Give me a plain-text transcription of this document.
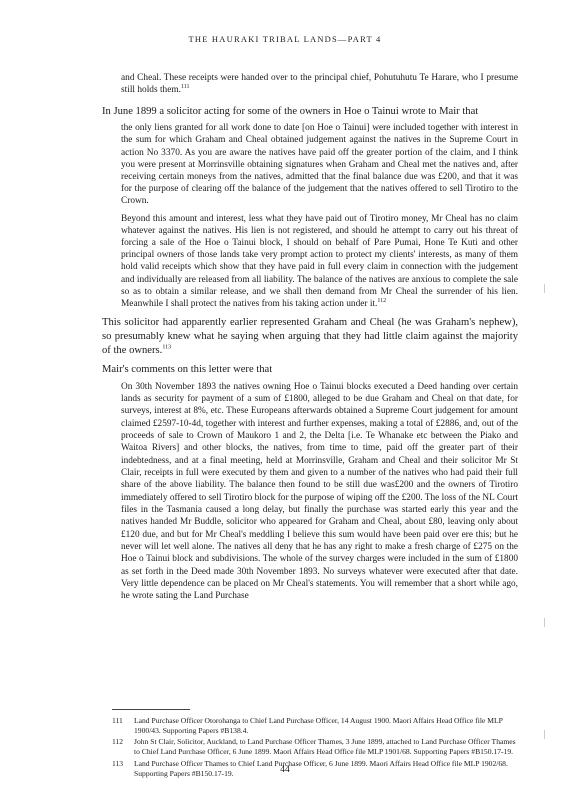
THE HAURAKI TRIBAL LANDS—PART 4

and Cheal. These receipts were handed over to the principal chief, Pohutuhutu Te Harare, who I presume still holds them.$^{111}$

In June 1899 a solicitor acting for some of the owners in Hoe o Tainui wrote to Mair that

the only liens granted for all work done to date [on Hoe o Tainui] were included together with interest in the sum for which Graham and Cheal obtained judgement against the natives in the Supreme Court in action No 3370. As you are aware the natives have paid off the greater portion of the claim, and I think you were present at Morrinsville obtaining signatures when Graham and Cheal met the natives and, after receiving certain moneys from the natives, admitted that the final balance due was £200, and that it was for the purpose of clearing off the balance of the judgement that the natives offered to sell Tirotiro to the Crown.

Beyond this amount and interest, less what they have paid out of Tirotiro money, Mr Cheal has no claim whatever against the natives. His lien is not registered, and should he attempt to carry out his threat of forcing a sale of the Hoe o Tainui block, I should on behalf of Pare Pumai, Hone Te Kuti and other principal owners of those lands take very prompt action to protect my clients' interests, as many of them hold valid receipts which show that they have paid in full every claim in connection with the judgement and individually are released from all liability. The balance of the natives are anxious to complete the sale so as to obtain a similar release, and we shall then demand from Mr Cheal the surrender of his lien. Meanwhile I shall protect the natives from his taking action under it.$^{112}$

This solicitor had apparently earlier represented Graham and Cheal (he was Graham's nephew), so presumably knew what he saying when arguing that they had little claim against the majority of the owners.$^{113}$

Mair's comments on this letter were that

On 30th November 1893 the natives owning Hoe o Tainui blocks executed a Deed handing over certain lands as security for payment of a sum of £1800, alleged to be due Graham and Cheal on that date, for surveys, interest at 8%, etc. These Europeans afterwards obtained a Supreme Court judgement for amount claimed £2597-10-4d, together with interest and further expenses, making a total of £2886, and, out of the proceeds of sale to Crown of Maukoro 1 and 2, the Delta [i.e. Te Whanake etc between the Piako and Waitoa Rivers] and other blocks, the natives, from time to time, paid off the greater part of their indebtedness, and at a final meeting, held at Morrinsville, Graham and Cheal and their solicitor Mr St Clair, receipts in full were executed by them and given to a number of the natives who had paid their full share of the above liability. The balance then found to be still due was£200 and the owners of Tirotiro immediately offered to sell Tirotiro block for the purpose of wiping off the £200. The loss of the NL Court files in the Tasmania caused a long delay, but finally the purchase was started early this year and the natives handed Mr Buddle, solicitor who appeared for Graham and Cheal, about £80, leaving only about £120 due, and but for Mr Cheal's meddling I believe this sum would have been paid over ere this; but he never will let well alone. The natives all deny that he has any right to make a fresh charge of £275 on the Hoe o Tainui block and subdivisions. The whole of the survey charges were included in the sum of £1800 as set forth in the Deed made 30th November 1893. No surveys whatever were executed after that date. Very little dependence can be placed on Mr Cheal's statements. You will remember that a short while ago, he wrote sating the Land Purchase

111 Land Purchase Officer Otorohanga to Chief Land Purchase Officer, 14 August 1900. Maori Affairs Head Office file MLP 1900/43. Supporting Papers #B138.4.
112 John St Clair, Solicitor, Auckland, to Land Purchase Officer Thames, 3 June 1899, attached to Land Purchase Officer Thames to Chief Land Purchase Officer, 6 June 1899. Maori Affairs Head Office file MLP 1901/68. Supporting Papers #B150.17-19.
113 Land Purchase Officer Thames to Chief Land Purchase Officer, 6 June 1899. Maori Affairs Head Office file MLP 1902/68. Supporting Papers #B150.17-19.	44
